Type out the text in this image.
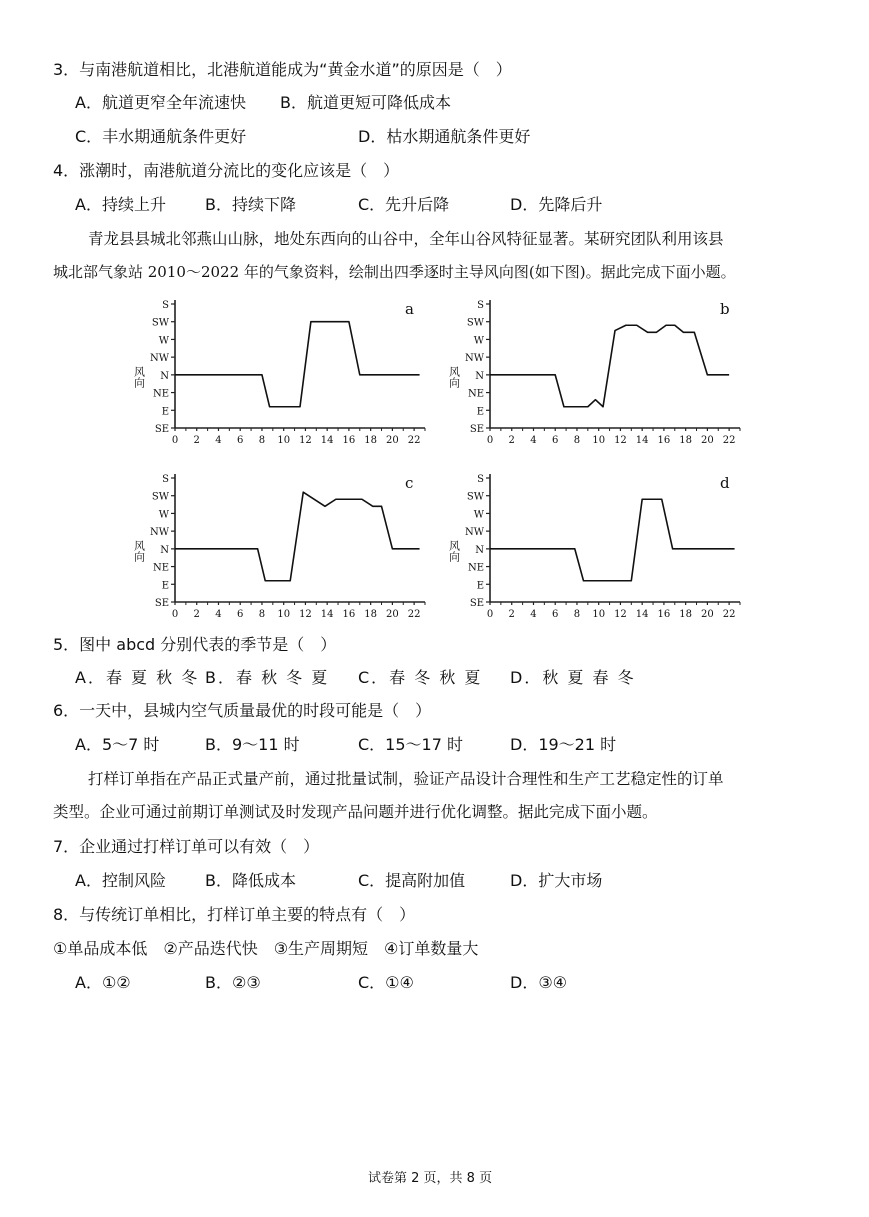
3．与南港航道相比，北港航道能成为“黄金水道”的原因是（　）
A．航道更窄全年流速快 B．航道更短可降低成本
C．丰水期通航条件更好	D．枯水期通航条件更好
4．涨潮时，南港航道分流比的变化应该是（　）
A．持续上升 B．持续下降	C．先升后降	D．先降后升
青龙县县城北邻燕山山脉，地处东西向的山谷中，全年山谷风特征显著。某研究团队利用该县
城北部气象站 2010～2022 年的气象资料，绘制出四季逐时主导风向图(如下图)。据此完成下面小题。
S
SW
W
NW
N
NE
E
SE
0 2 4 6 8 10 12 14 16 18 20 22
风向
a	S
SW
W
NW
N
NE
E
SE
0 2 4 6 8 10 12 14 16 18 20 22
风向
b
S
SW
W
NW
N
NE
E
SE
0 2 4 6 8 10 12 14 16 18 20 22
风向
c	S
SW
W
NW
N
NE
E
SE
0 2 4 6 8 10 12 14 16 18 20 22
风向
d
5．图中 abcd 分别代表的季节是（　）
A．春 夏 秋 冬 B．春 秋 冬 夏 C．春 冬 秋 夏 D．秋 夏 春 冬
6．一天中，县城内空气质量最优的时段可能是（　）
A．5～7 时	B．9～11 时	C．15～17 时	D．19～21 时
打样订单指在产品正式量产前，通过批量试制，验证产品设计合理性和生产工艺稳定性的订单
类型。企业可通过前期订单测试及时发现产品问题并进行优化调整。据此完成下面小题。
7．企业通过打样订单可以有效（　）
A．控制风险 B．降低成本	C．提高附加值	D．扩大市场
8．与传统订单相比，打样订单主要的特点有（　）
①单品成本低　②产品迭代快　③生产周期短　④订单数量大
A．①②	B．②③	C．①④	D．③④
试卷第 2 页，共 8 页
